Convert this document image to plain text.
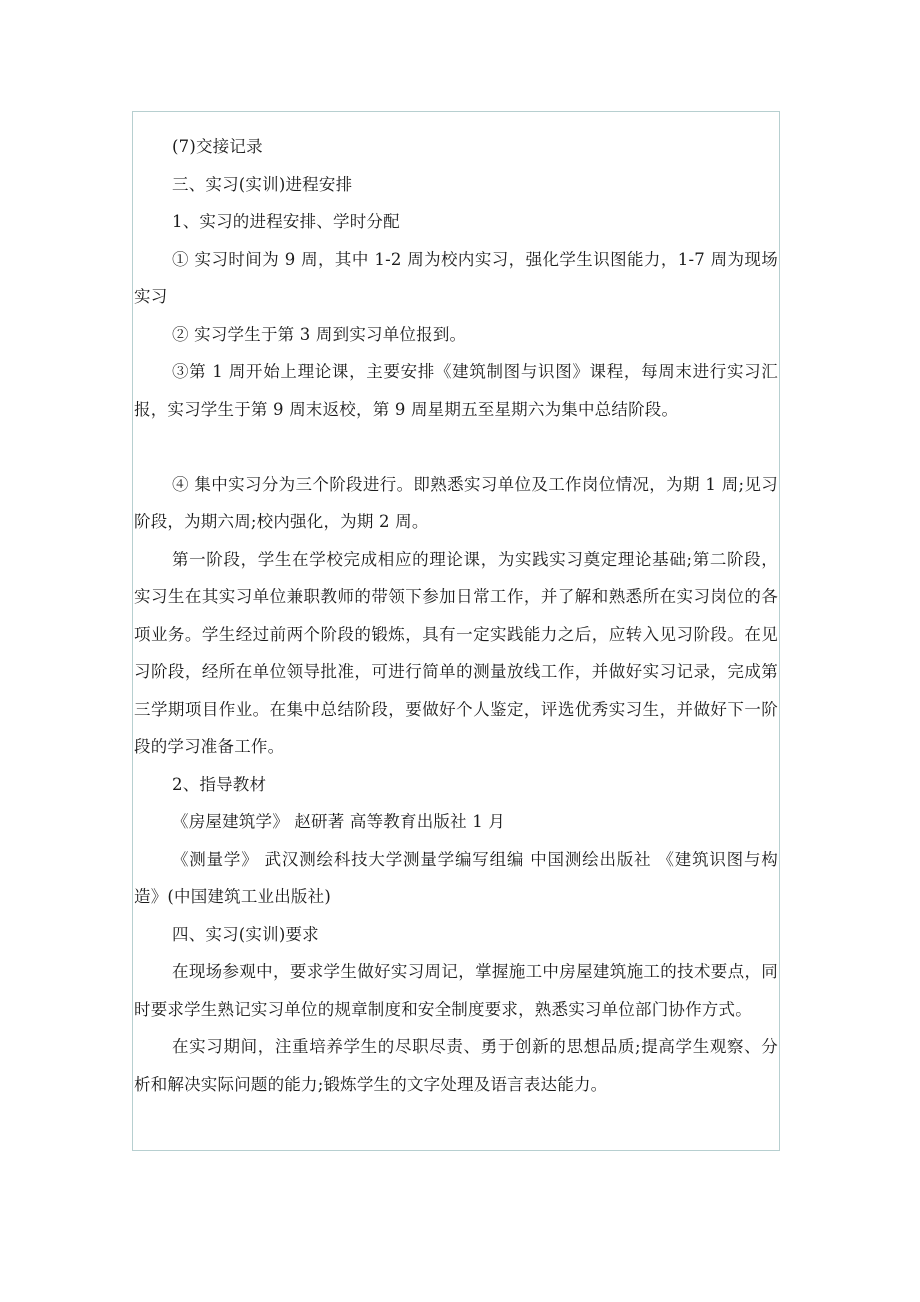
(7)交接记录

三、实习(实训)进程安排

1、实习的进程安排、学时分配

① 实习时间为 9 周，其中 1-2 周为校内实习，强化学生识图能力，1-7 周为现场实习

② 实习学生于第 3 周到实习单位报到。

③第 1 周开始上理论课，主要安排《建筑制图与识图》课程，每周末进行实习汇报，实习学生于第 9 周末返校，第 9 周星期五至星期六为集中总结阶段。

④ 集中实习分为三个阶段进行。即熟悉实习单位及工作岗位情况，为期 1 周;见习阶段，为期六周;校内强化，为期 2 周。

第一阶段，学生在学校完成相应的理论课，为实践实习奠定理论基础;第二阶段，实习生在其实习单位兼职教师的带领下参加日常工作，并了解和熟悉所在实习岗位的各项业务。学生经过前两个阶段的锻炼，具有一定实践能力之后，应转入见习阶段。在见习阶段，经所在单位领导批准，可进行简单的测量放线工作，并做好实习记录，完成第三学期项目作业。在集中总结阶段，要做好个人鉴定，评选优秀实习生，并做好下一阶段的学习准备工作。

2、指导教材

《房屋建筑学》 赵研著 高等教育出版社 1 月

《测量学》 武汉测绘科技大学测量学编写组编 中国测绘出版社 《建筑识图与构造》(中国建筑工业出版社)

四、实习(实训)要求

在现场参观中，要求学生做好实习周记，掌握施工中房屋建筑施工的技术要点，同时要求学生熟记实习单位的规章制度和安全制度要求，熟悉实习单位部门协作方式。

在实习期间，注重培养学生的尽职尽责、勇于创新的思想品质;提高学生观察、分析和解决实际问题的能力;锻炼学生的文字处理及语言表达能力。
